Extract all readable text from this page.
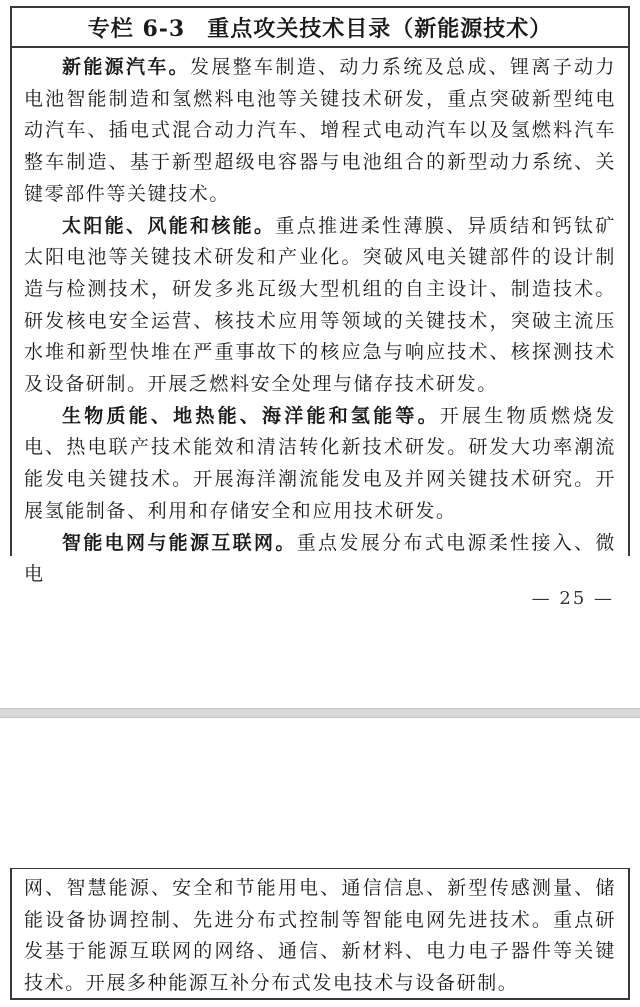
专栏 6-3 重点攻关技术目录（新能源技术）

新能源汽车。发展整车制造、动力系统及总成、锂离子动力电池智能制造和氢燃料电池等关键技术研发，重点突破新型纯电动汽车、插电式混合动力汽车、增程式电动汽车以及氢燃料汽车整车制造、基于新型超级电容器与电池组合的新型动力系统、关键零部件等关键技术。

太阳能、风能和核能。重点推进柔性薄膜、异质结和钙钛矿太阳电池等关键技术研发和产业化。突破风电关键部件的设计制造与检测技术，研发多兆瓦级大型机组的自主设计、制造技术。研发核电安全运营、核技术应用等领域的关键技术，突破主流压水堆和新型快堆在严重事故下的核应急与响应技术、核探测技术及设备研制。开展乏燃料安全处理与储存技术研发。

生物质能、地热能、海洋能和氢能等。开展生物质燃烧发电、热电联产技术能效和清洁转化新技术研发。研发大功率潮流能发电关键技术。开展海洋潮流能发电及并网关键技术研究。开展氢能制备、利用和存储安全和应用技术研发。

智能电网与能源互联网。重点发展分布式电源柔性接入、微电

— 25 —

网、智慧能源、安全和节能用电、通信信息、新型传感测量、储能设备协调控制、先进分布式控制等智能电网先进技术。重点研发基于能源互联网的网络、通信、新材料、电力电子器件等关键技术。开展多种能源互补分布式发电技术与设备研制。
